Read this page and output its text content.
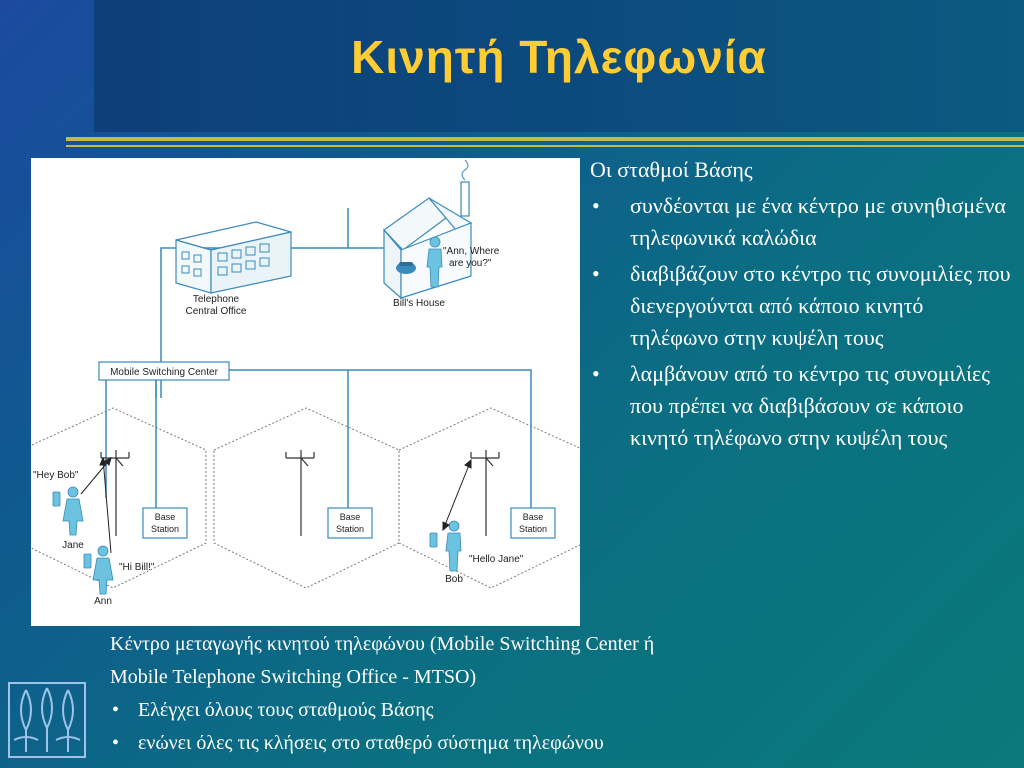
Κινητή Τηλεφωνία
Telephone
Central Office
"Ann, Where
are you?"
Bill's House
Mobile Switching Center
Base
Station
Base
Station
Base
Station
"Hey Bob"
Jane
"Hi Bill!"
Ann
"Hello Jane"
Bob
Οι σταθμοί Βάσης
• συνδέονται με ένα κέντρο με συνηθισμένα τηλεφωνικά καλώδια
• διαβιβάζουν στο κέντρο τις συνομιλίες που διενεργούνται από κάποιο κινητό τηλέφωνο στην κυψέλη τους
• λαμβάνουν από το κέντρο τις συνομιλίες που πρέπει να διαβιβάσουν σε κάποιο κινητό τηλέφωνο στην κυψέλη τους
Κέντρο μεταγωγής κινητού τηλεφώνου (Mobile Switching Center ή
Mobile Telephone Switching Office - MTSO)
• Ελέγχει όλους τους σταθμούς Βάσης
• ενώνει όλες τις κλήσεις στο σταθερό σύστημα τηλεφώνου
